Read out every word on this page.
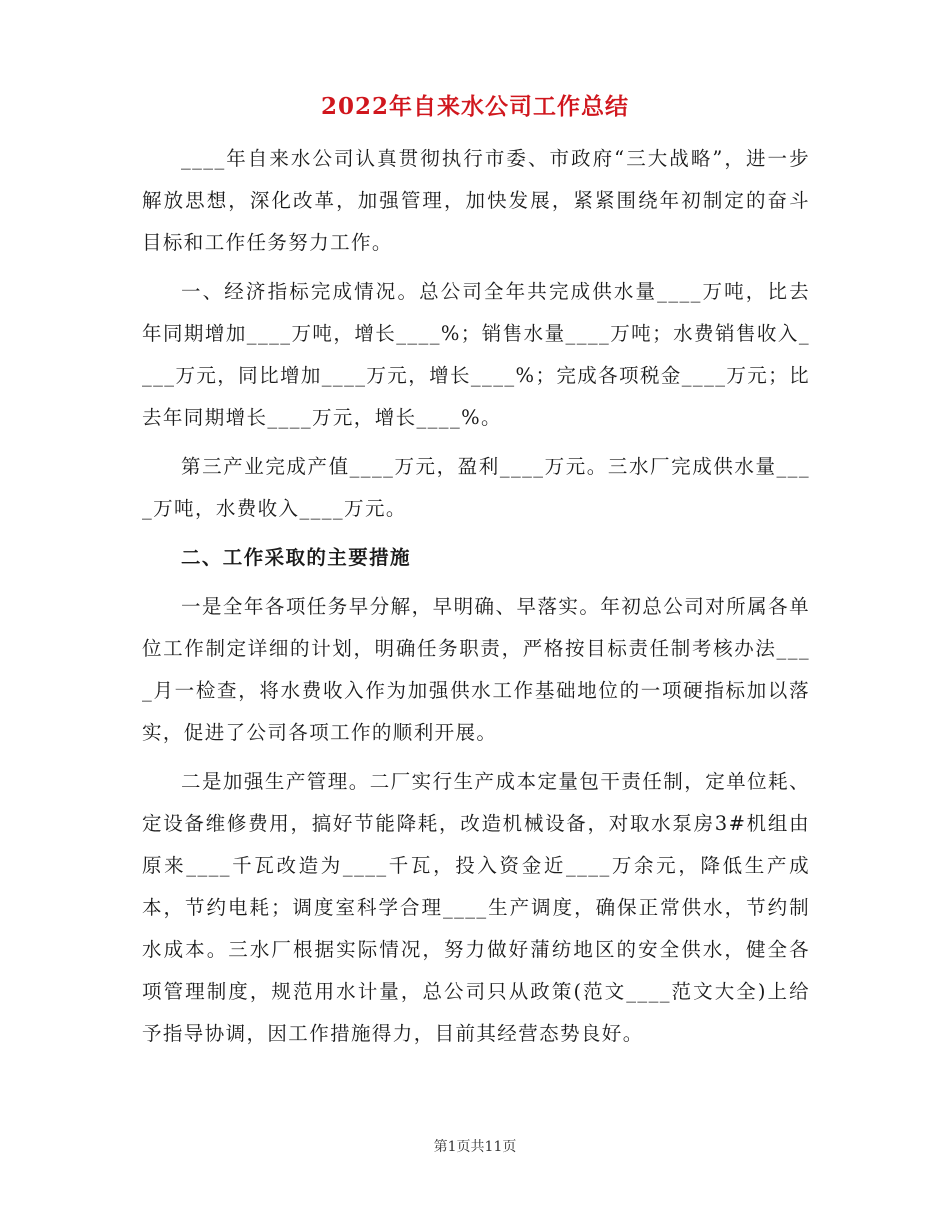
2022年自来水公司工作总结

____年自来水公司认真贯彻执行市委、市政府“三大战略”，进一步解放思想，深化改革，加强管理，加快发展，紧紧围绕年初制定的奋斗目标和工作任务努力工作。

一、经济指标完成情况。总公司全年共完成供水量____万吨，比去年同期增加____万吨，增长____%；销售水量____万吨；水费销售收入____万元，同比增加____万元，增长____%；完成各项税金____万元；比去年同期增长____万元，增长____%。

第三产业完成产值____万元，盈利____万元。三水厂完成供水量____万吨，水费收入____万元。

二、工作采取的主要措施

一是全年各项任务早分解，早明确、早落实。年初总公司对所属各单位工作制定详细的计划，明确任务职责，严格按目标责任制考核办法____月一检查，将水费收入作为加强供水工作基础地位的一项硬指标加以落实，促进了公司各项工作的顺利开展。

二是加强生产管理。二厂实行生产成本定量包干责任制，定单位耗、定设备维修费用，搞好节能降耗，改造机械设备，对取水泵房3#机组由原来____千瓦改造为____千瓦，投入资金近____万余元，降低生产成本，节约电耗；调度室科学合理____生产调度，确保正常供水，节约制水成本。三水厂根据实际情况，努力做好蒲纺地区的安全供水，健全各项管理制度，规范用水计量，总公司只从政策(范文____范文大全)上给予指导协调，因工作措施得力，目前其经营态势良好。

第1页共11页
